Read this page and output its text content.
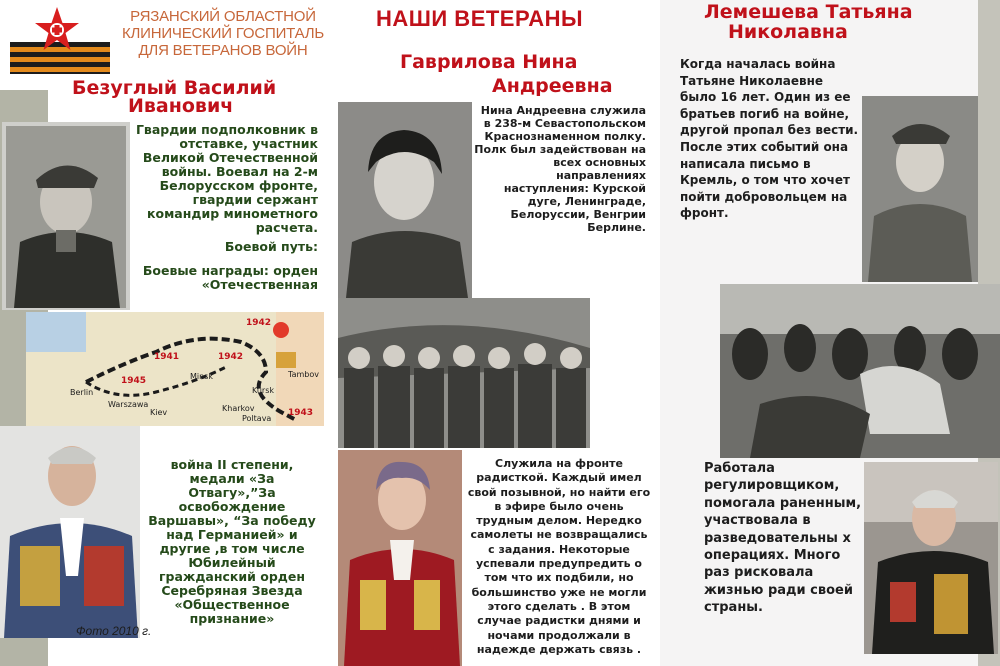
РЯЗАНСКИЙ ОБЛАСТНОЙ
КЛИНИЧЕСКИЙ ГОСПИТАЛЬ
ДЛЯ ВЕТЕРАНОВ ВОЙН
Безуглый Василий
Иванович

Гвардии подполковник в отставке, участник Великой Отечественной войны. Воевал на 2-м Белорусском фронте, гвардии сержант командир минометного расчета.

Боевой путь:

Боевые награды: орден «Отечественная

1942
1941
1945
1943
1942
Berlin
Kiev
Minsk
Kharkov
Kursk
Warszawa
Tambov
Poltava
Фото 2010 г.

война II степени, медали «За Отвагу»,”За освобождение Варшавы», “За победу над Германией» и другие ,в том числе Юбилейный гражданский орден Серебряная Звезда «Общественное признание»

НАШИ ВЕТЕРАНЫ
Гаврилова Нина
Андреевна

Нина Андреевна служила в 238-м Севастопольском Краснознаменном полку. Полк был задействован на всех основных направлениях наступления: Курской дуге, Ленинграде, Белоруссии, Венгрии Берлине.

Служила на фронте радисткой. Каждый имел свой позывной, но найти его в эфире было очень трудным делом. Нередко самолеты не возвращались с задания. Некоторые успевали предупредить о том что их подбили, но большинство уже не могли этого сделать . В этом случае радистки днями и ночами продолжали в надежде держать связь .

Лемешева Татьяна
Николавна

Когда началась война Татьяне Николаевне было 16 лет. Один из ее братьев погиб на войне, другой пропал без вести. После этих событий она написала письмо в Кремль, о том что хочет пойти добровольцем на фронт.

Работала регулировщиком, помогала раненным, участвовала в разведовательны х операциях. Много раз рисковала жизнью ради своей страны.
